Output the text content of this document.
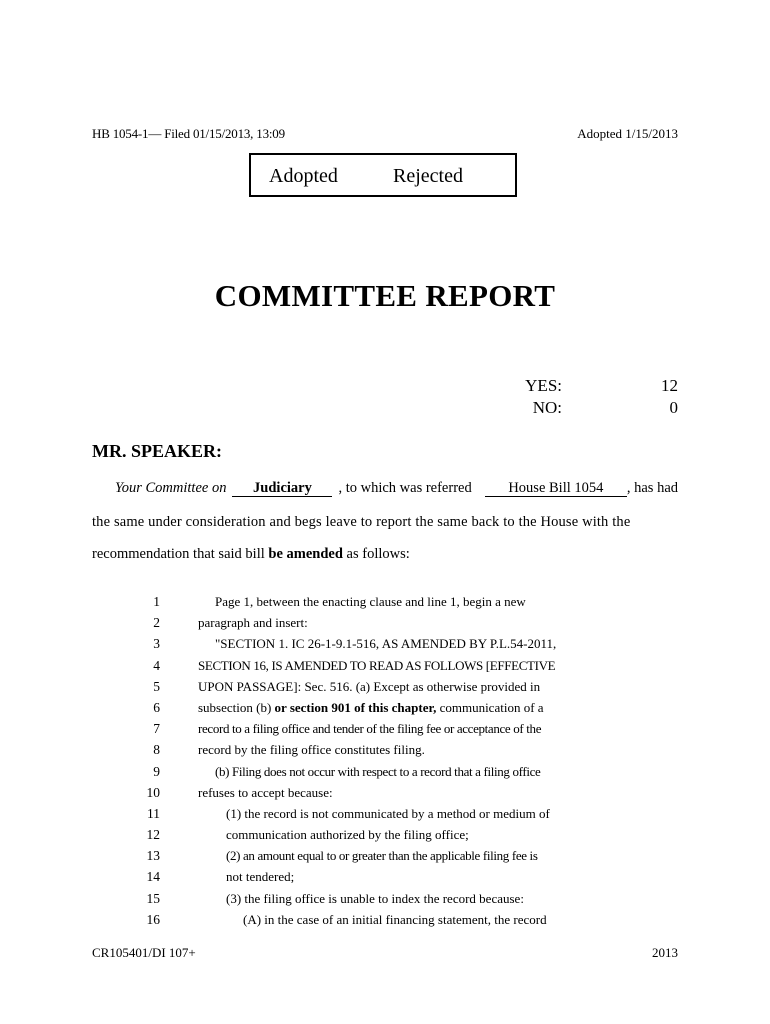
HB 1054-1— Filed 01/15/2013, 13:09	Adopted 1/15/2013
Adopted	Rejected
COMMITTEE REPORT
YES:	12
NO:	0
MR. SPEAKER:
Your Committee on	Judiciary	, to which was referred	House Bill 1054	, has had
the same under consideration and begs leave to report the same back to the House with the
recommendation that said bill be amended as follows:
1
2
3
4
5
6
7
8
9
10
11
12
13
14
15
16
Page 1, between the enacting clause and line 1, begin a new
paragraph and insert:
"SECTION 1. IC 26-1-9.1-516, AS AMENDED BY P.L.54-2011,
SECTION 16, IS AMENDED TO READ AS FOLLOWS [EFFECTIVE
UPON PASSAGE]: Sec. 516. (a) Except as otherwise provided in
subsection (b) or section 901 of this chapter, communication of a
record to a filing office and tender of the filing fee or acceptance of the
record by the filing office constitutes filing.
(b) Filing does not occur with respect to a record that a filing office
refuses to accept because:
(1) the record is not communicated by a method or medium of
communication authorized by the filing office;
(2) an amount equal to or greater than the applicable filing fee is
not tendered;
(3) the filing office is unable to index the record because:
(A) in the case of an initial financing statement, the record
CR105401/DI 107+	2013
